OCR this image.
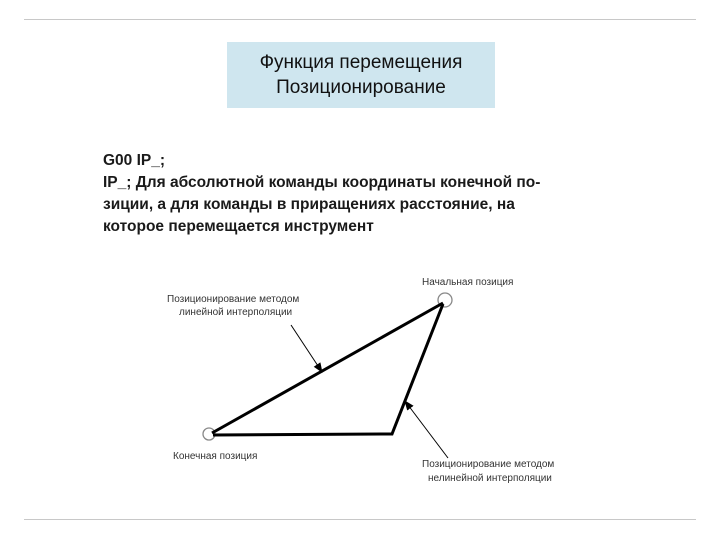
Функция перемещения
Позиционирование
G00 IP_;
IP_; Для абсолютной команды координаты конечной по-
зиции, а для команды в приращениях расстояние, на
которое перемещается инструмент
Начальная позиция
Конечная позиция
Позиционирование методом
линейной интерполяции
Позиционирование методом
нелинейной интерполяции
